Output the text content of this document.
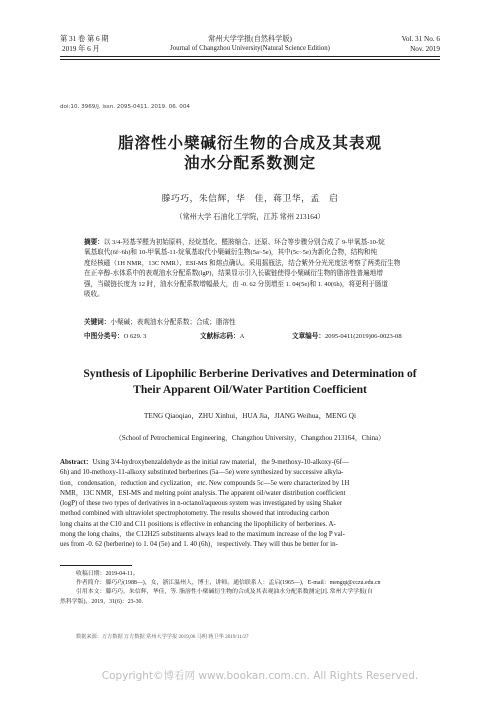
第 31 卷 第 6 期
2019 年 6 月
常州大学学报(自然科学版)
Journal of Changzhou University(Natural Science Edition)
Vol. 31 No. 6
Nov. 2019
doi:10. 3969/j. issn. 2095-0411. 2019. 06. 004
脂溶性小檗碱衍生物的合成及其表观
油水分配系数测定
滕巧巧，朱信辉，华　佳，蒋卫华，孟　启
（常州大学 石油化工学院，江苏 常州 213164）
摘要：以 3/4-羟基苄醛为初始原料，经烷基化、醛胺缩合、还原、环合等步骤分别合成了 9-甲氧基-10-烷
氧基取代(6f~6h)和 10-甲氧基-11-烷氧基取代小檗碱衍生物(5a~5e)，其中(5c~5e)为新化合物，结构和纯
度经核磁（1H NMR，13C NMR）、ESI-MS 和熔点确认。采用摇瓶法，结合紫外分光光度法考察了两类衍生物
在正辛醇-水体系中的表观油水分配系数(lgP)，结果显示引入长碳链使得小檗碱衍生物的脂溶性普遍地增
强，当碳链长度为 12 时，油水分配系数增幅最大，由 -0. 62 分别增至 1. 04(5e)和 1. 40(6h)，将更利于肠道
吸收。
关键词：小檗碱；表观油水分配系数；合成；脂溶性
中图分类号：O 629. 3	文献标志码：A	文章编号：2095-0411(2019)06-0023-08
Synthesis of Lipophilic Berberine Derivatives and Determination of
Their Apparent Oil/Water Partition Coefficient
TENG Qiaoqiao，ZHU Xinhui，HUA Jia，JIANG Weihua，MENG Qi
（School of Petrochemical Engineering，Changzhou University，Changzhou 213164，China）
Abstract：Using 3/4-hydroxybenzaldehyde as the initial raw material，the 9-methoxy-10-alkoxy-(6f—
6h) and 10-methoxy-11-alkoxy substituted berberines (5a—5e) were synthesized by successive alkyla-
tion，condensation，reduction and cyclization，etc. New compounds 5c—5e were characterized by 1H
NMR，13C NMR，ESI-MS and melting point analysis. The apparent oil/water distribution coefficient
(logP) of these two types of derivatives in n-octanol/aqueous system was investigated by using Shaker
method combined with ultraviolet spectrophotometry. The results showed that introducing carbon
long chains at the C10 and C11 positions is effective in enhancing the lipophilicity of berberines. A-
mong the long chains，the C12H25 substituents always lead to the maximum increase of the log P val-
ues from -0. 62 (berberine) to 1. 04 (5e) and 1. 40 (6h)，respectively. They will thus be better for in-
收稿日期：2019-04-11。
作者简介：滕巧巧(1988—)，女，浙江温州人，博士，讲师。通信联系人：孟启(1965—)，E-mail：mengqi@cczu.edu.cn
引用本文：滕巧巧，朱信辉，华佳，等. 脂溶性小檗碱衍生物的合成及其表观油水分配系数测定[J]. 常州大学学报(自
然科学版)，2019，31(6)：23-30.
数据来源：万方数据 万方数据 常州大学学报 2019,06 马明 蒋卫华 2019/11/27
Copyright©博看网 www.bookan.com.cn. All Rights Reserved.
